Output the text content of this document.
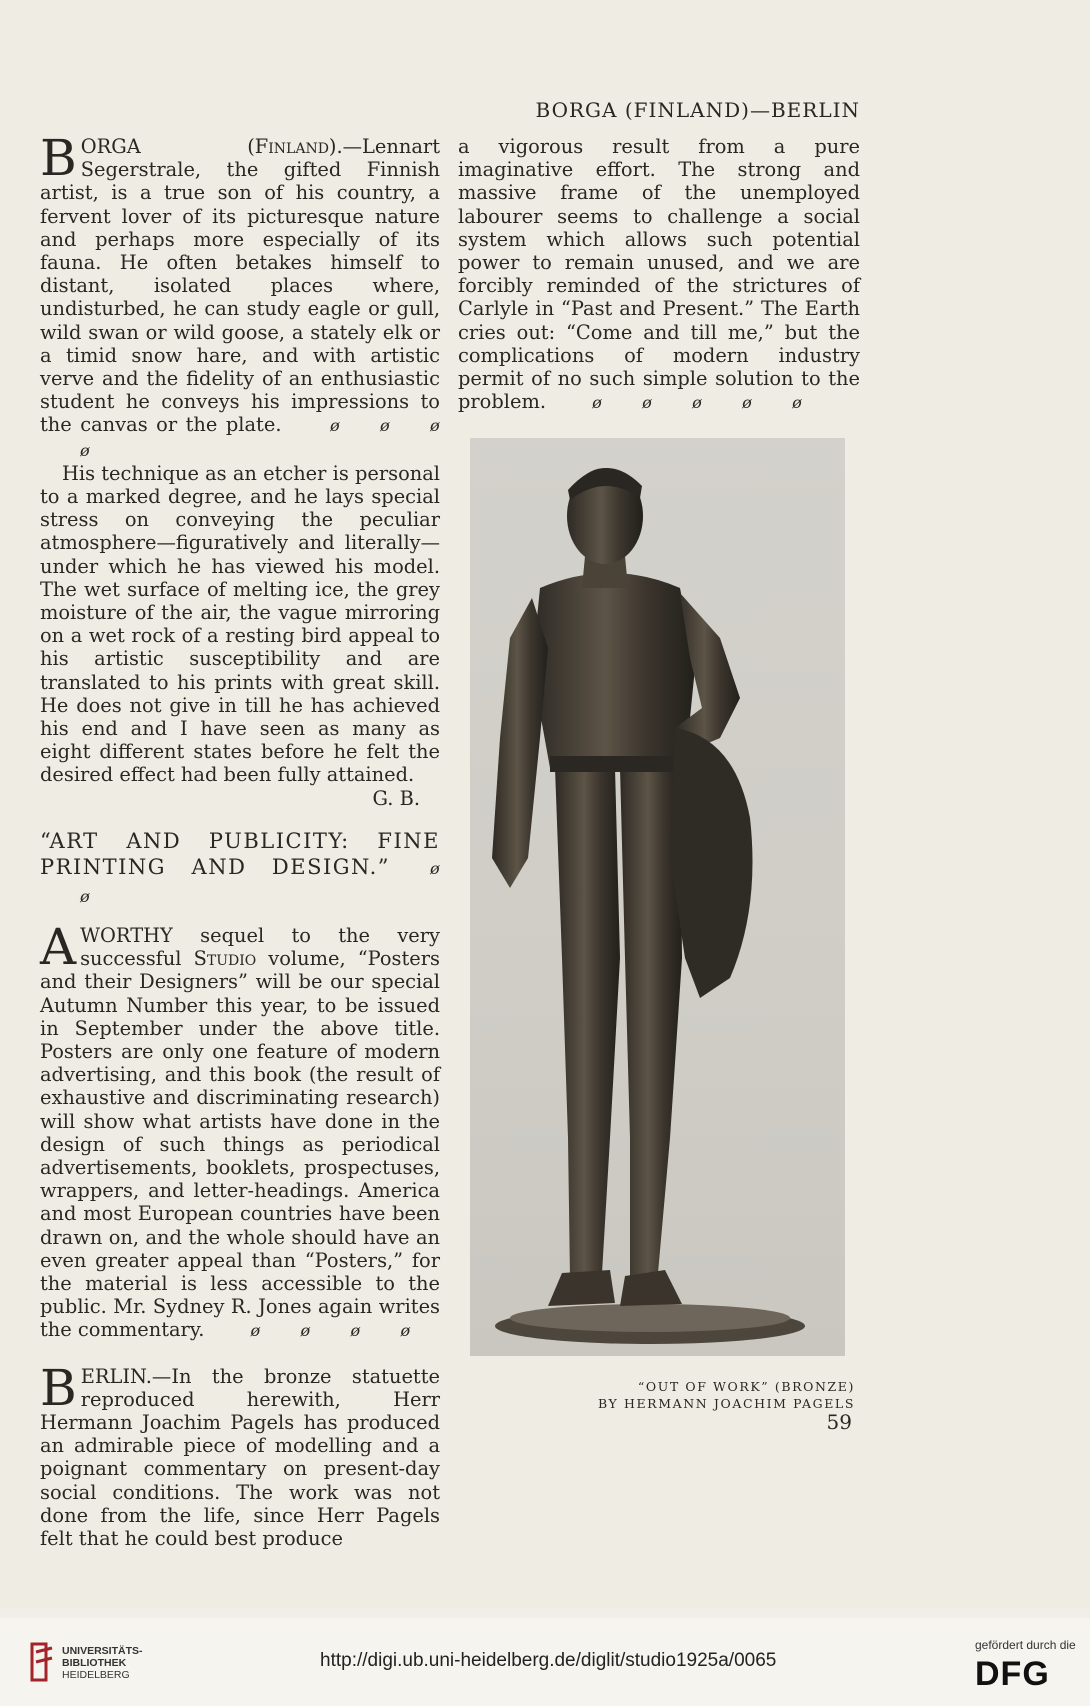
BORGA (FINLAND)—BERLIN

BORGA (Finland).—Lennart Segerstrale, the gifted Finnish artist, is a true son of his country, a fervent lover of its picturesque nature and perhaps more especially of its fauna. He often betakes himself to distant, isolated places where, undisturbed, he can study eagle or gull, wild swan or wild goose, a stately elk or a timid snow hare, and with artistic verve and the fidelity of an enthusiastic student he conveys his impressions to the canvas or the plate.	ø	ø	øø

His technique as an etcher is personal to a marked degree, and he lays special stress on conveying the peculiar atmosphere—figuratively and literally—under which he has viewed his model. The wet surface of melting ice, the grey moisture of the air, the vague mirroring on a wet rock of a resting bird appeal to his artistic susceptibility and are translated to his prints with great skill. He does not give in till he has achieved his end and I have seen as many as eight different states before he felt the desired effect had been fully attained.

G. B.

“ART AND PUBLICITY: FINE PRINTING AND DESIGN.”	øø

AWORTHY sequel to the very successful Studio volume, “Posters and their Designers” will be our special Autumn Number this year, to be issued in September under the above title. Posters are only one feature of modern advertising, and this book (the result of exhaustive and discriminating research) will show what artists have done in the design of such things as periodical advertisements, booklets, prospectuses, wrappers, and letter-headings. America and most European countries have been drawn on, and the whole should have an even greater appeal than “Posters,” for the material is less accessible to the public. Mr. Sydney R. Jones again writes the commentary.	ø	ø	ø	ø

BERLIN.—In the bronze statuette reproduced herewith, Herr Hermann Joachim Pagels has produced an admirable piece of modelling and a poignant commentary on present-day social conditions. The work was not done from the life, since Herr Pagels felt that he could best produce

a vigorous result from a pure imaginative effort. The strong and massive frame of the unemployed labourer seems to challenge a social system which allows such potential power to remain unused, and we are forcibly reminded of the strictures of Carlyle in “Past and Present.” The Earth cries out: “Come and till me,” but the complications of modern industry permit of no such simple solution to the problem.	ø	ø	ø	ø	ø

“OUT OF WORK” (BRONZE)
BY HERMANN JOACHIM PAGELS
59
UNIVERSITÄTS-
BIBLIOTHEK
HEIDELBERG
http://digi.ub.uni-heidelberg.de/diglit/studio1925a/0065
gefördert durch die
DFG
